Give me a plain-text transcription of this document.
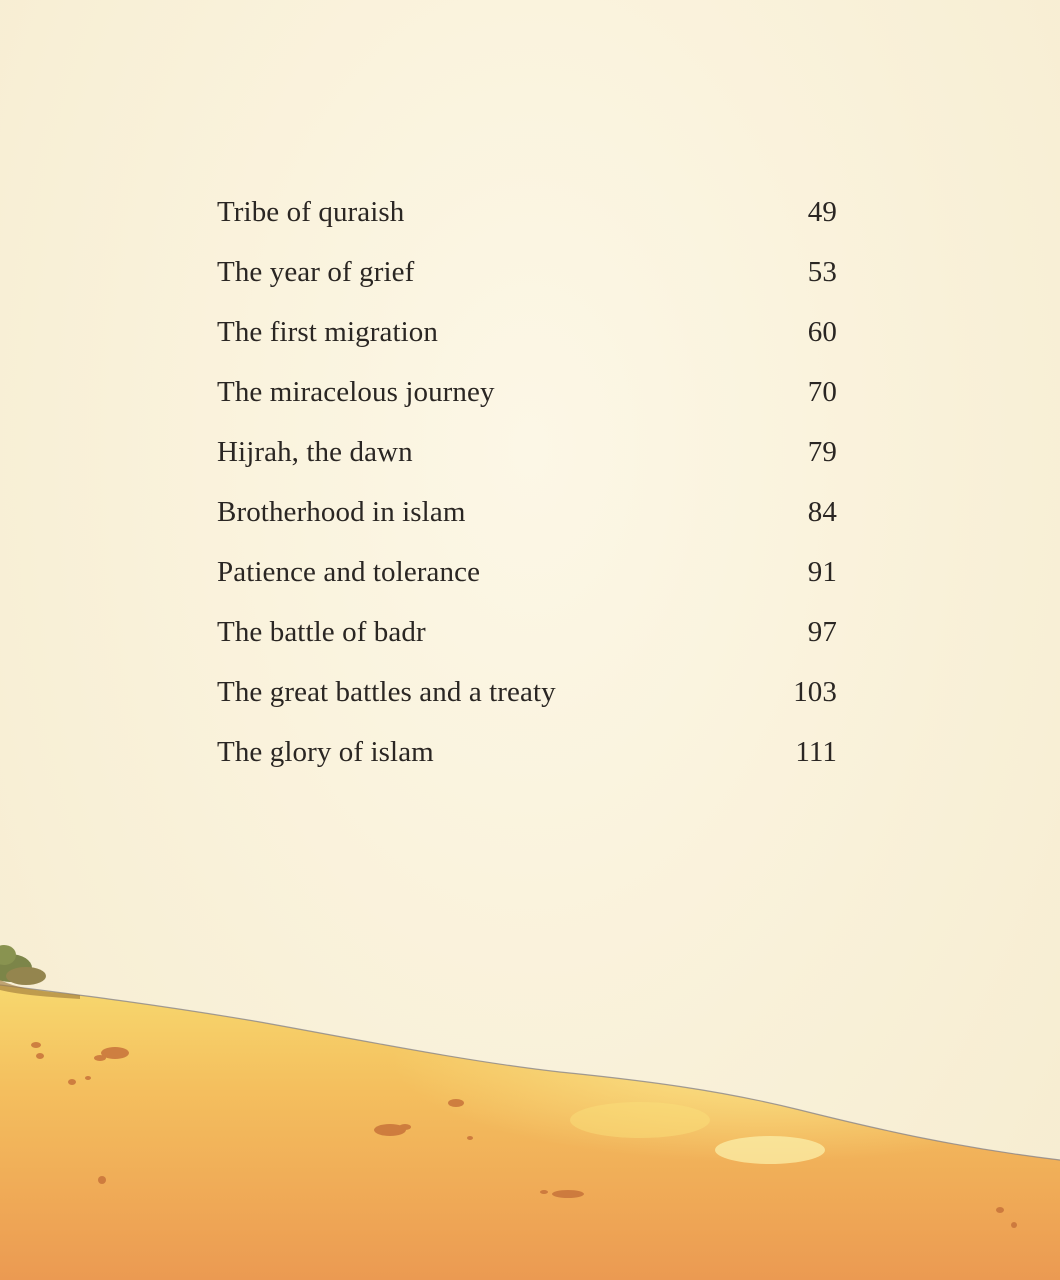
Tribe of quraish	49
The year of grief	53
The first migration	60
The miracelous journey	70
Hijrah, the dawn	79
Brotherhood in islam	84
Patience and tolerance	91
The battle of badr	97
The great battles and a treaty	103
The glory of islam	111
